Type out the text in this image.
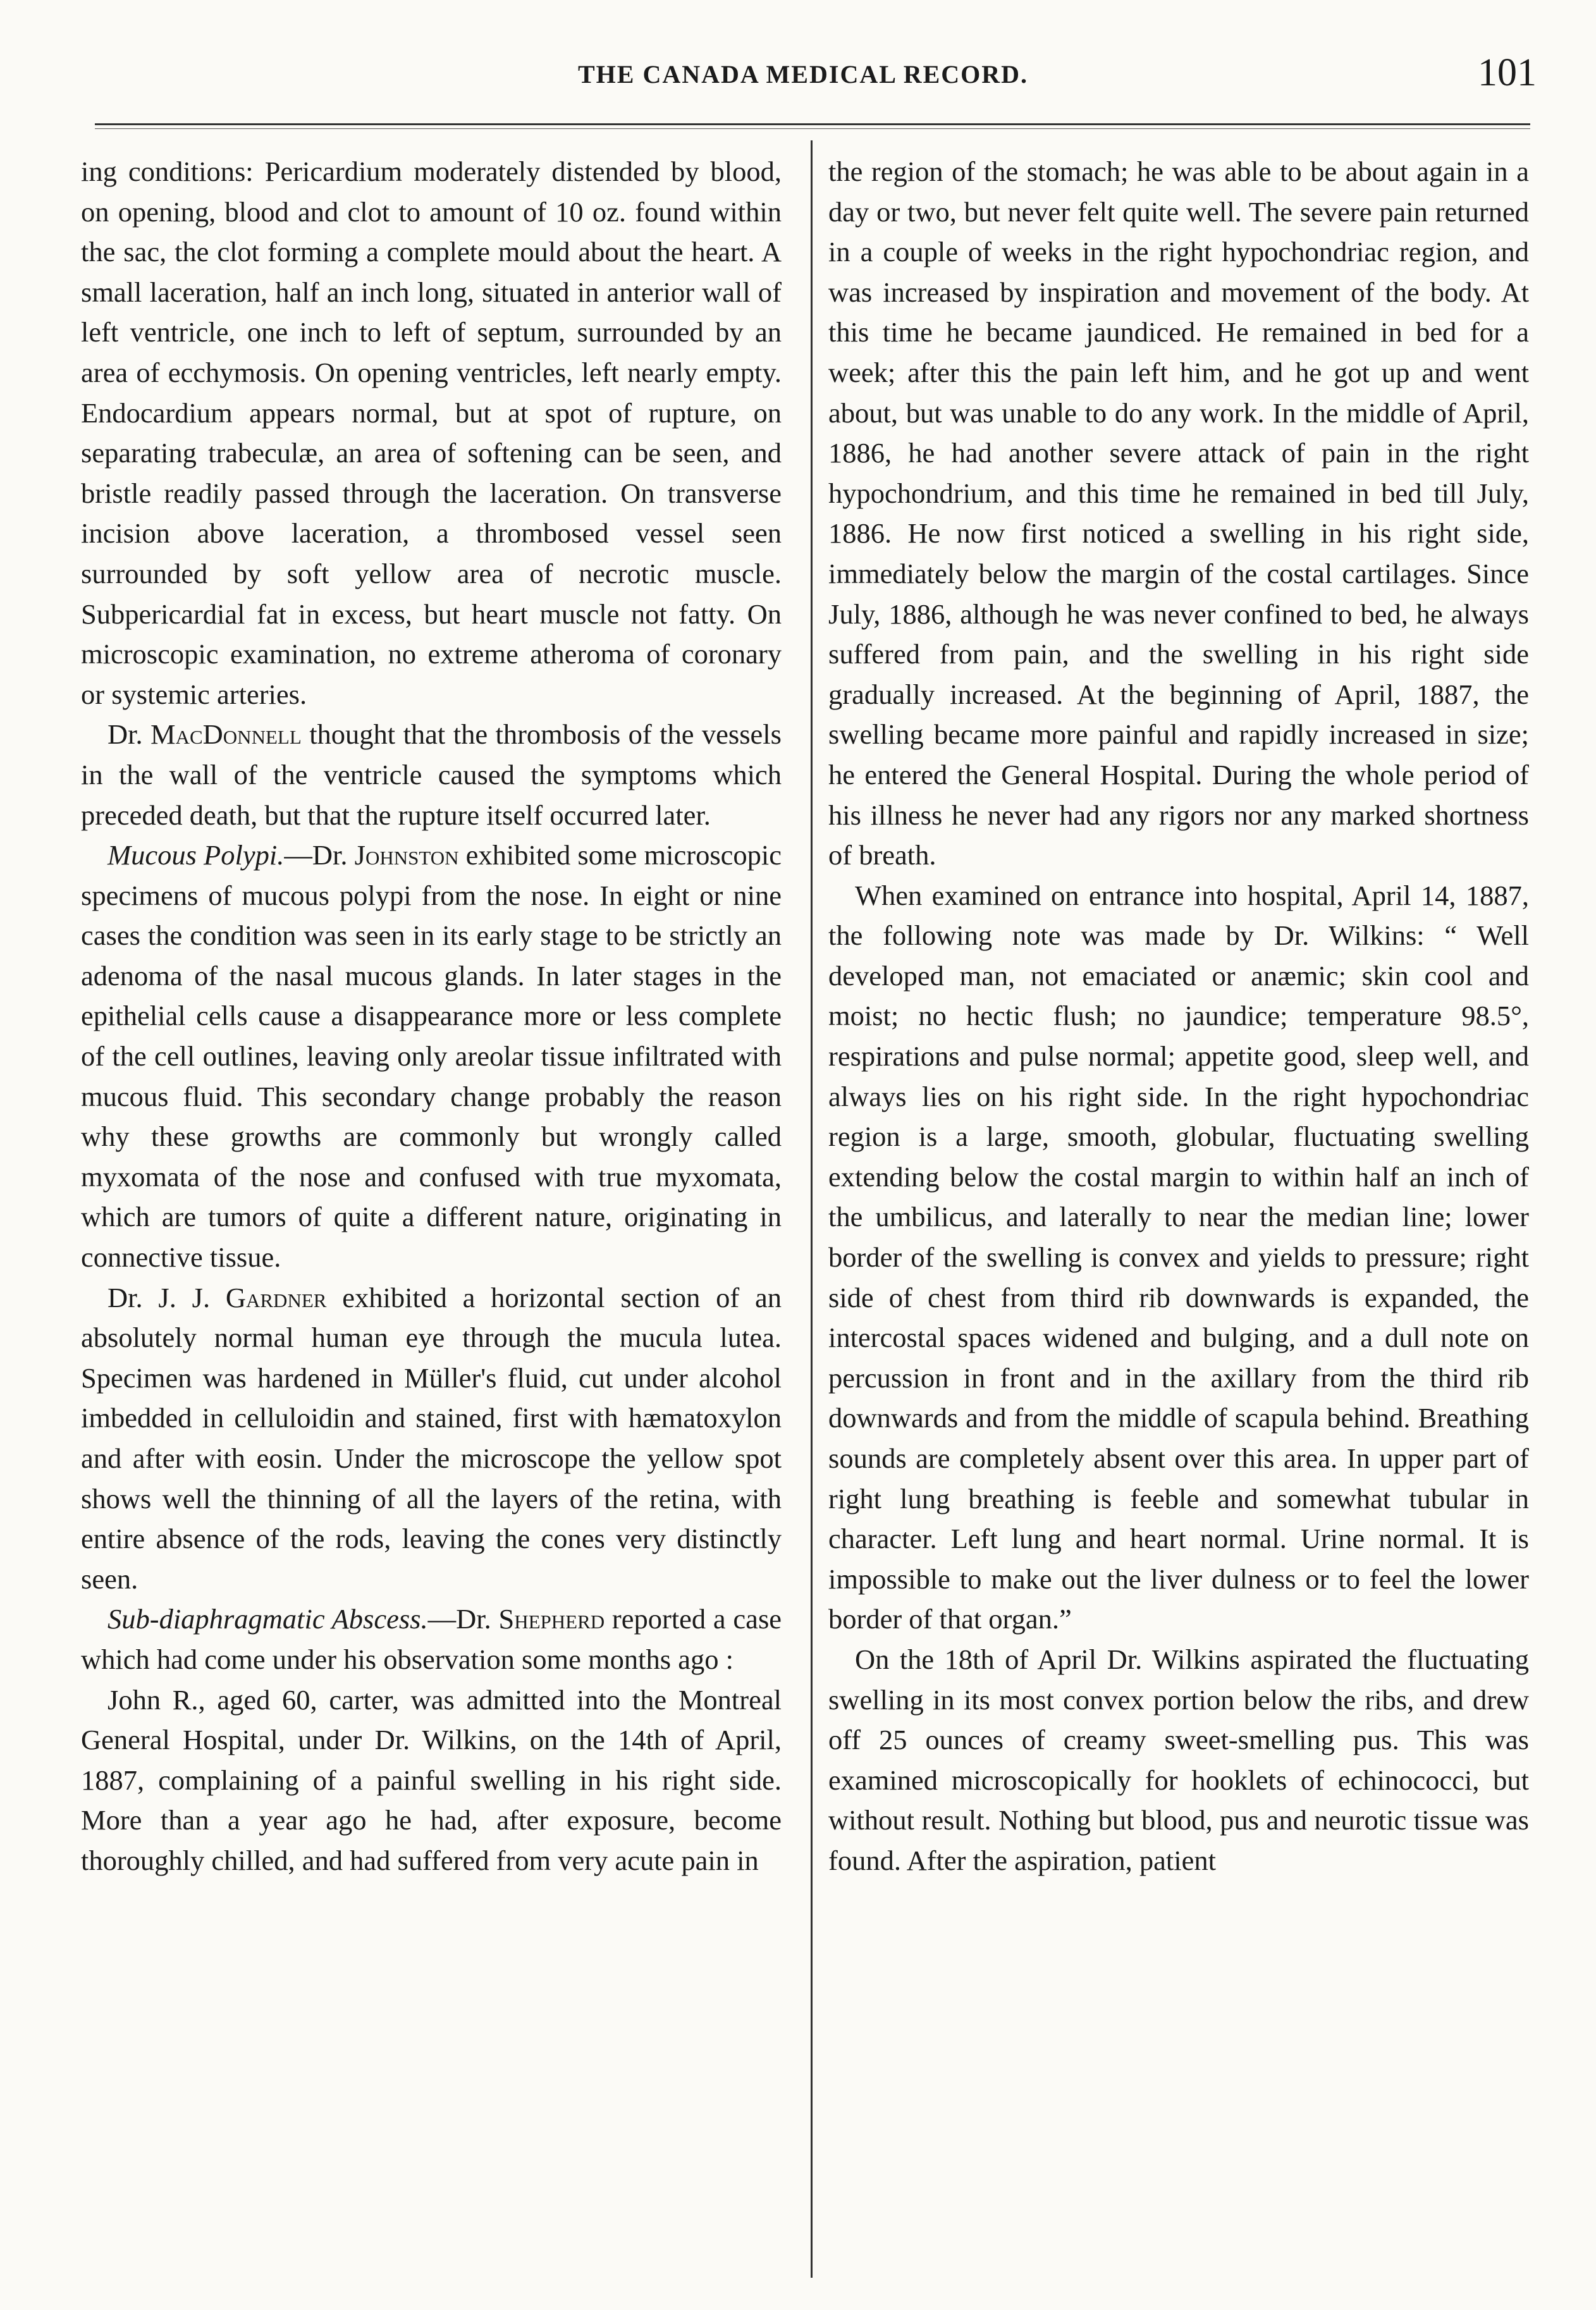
THE CANADA MEDICAL RECORD.	101

ing conditions: Pericardium moderately distended by blood, on opening, blood and clot to amount of 10 oz. found within the sac, the clot forming a complete mould about the heart. A small laceration, half an inch long, situated in anterior wall of left ventricle, one inch to left of septum, surrounded by an area of ecchymosis. On opening ventricles, left nearly empty. Endocardium appears normal, but at spot of rupture, on separating trabeculæ, an area of softening can be seen, and bristle readily passed through the laceration. On transverse incision above laceration, a thrombosed vessel seen surrounded by soft yellow area of necrotic muscle. Subpericardial fat in excess, but heart muscle not fatty. On microscopic examination, no extreme atheroma of coronary or systemic arteries.

Dr. MacDonnell thought that the thrombosis of the vessels in the wall of the ventricle caused the symptoms which preceded death, but that the rupture itself occurred later.

Mucous Polypi.—Dr. Johnston exhibited some microscopic specimens of mucous polypi from the nose. In eight or nine cases the condition was seen in its early stage to be strictly an adenoma of the nasal mucous glands. In later stages in the epithelial cells cause a disappearance more or less complete of the cell outlines, leaving only areolar tissue infiltrated with mucous fluid. This secondary change probably the reason why these growths are commonly but wrongly called myxomata of the nose and confused with true myxomata, which are tumors of quite a different nature, originating in connective tissue.

Dr. J. J. Gardner exhibited a horizontal section of an absolutely normal human eye through the mucula lutea. Specimen was hardened in Müller's fluid, cut under alcohol imbedded in celluloidin and stained, first with hæmatoxylon and after with eosin. Under the microscope the yellow spot shows well the thinning of all the layers of the retina, with entire absence of the rods, leaving the cones very distinctly seen.

Sub-diaphragmatic Abscess.—Dr. Shepherd reported a case which had come under his observation some months ago :

John R., aged 60, carter, was admitted into the Montreal General Hospital, under Dr. Wilkins, on the 14th of April, 1887, complaining of a painful swelling in his right side. More than a year ago he had, after exposure, become thoroughly chilled, and had suffered from very acute pain in

the region of the stomach; he was able to be about again in a day or two, but never felt quite well. The severe pain returned in a couple of weeks in the right hypochondriac region, and was increased by inspiration and movement of the body. At this time he became jaundiced. He remained in bed for a week; after this the pain left him, and he got up and went about, but was unable to do any work. In the middle of April, 1886, he had another severe attack of pain in the right hypochondrium, and this time he remained in bed till July, 1886. He now first noticed a swelling in his right side, immediately below the margin of the costal cartilages. Since July, 1886, although he was never confined to bed, he always suffered from pain, and the swelling in his right side gradually increased. At the beginning of April, 1887, the swelling became more painful and rapidly increased in size; he entered the General Hospital. During the whole period of his illness he never had any rigors nor any marked shortness of breath.

When examined on entrance into hospital, April 14, 1887, the following note was made by Dr. Wilkins: “ Well developed man, not emaciated or anæmic; skin cool and moist; no hectic flush; no jaundice; temperature 98.5°, respirations and pulse normal; appetite good, sleep well, and always lies on his right side. In the right hypochondriac region is a large, smooth, globular, fluctuating swelling extending below the costal margin to within half an inch of the umbilicus, and laterally to near the median line; lower border of the swelling is convex and yields to pressure; right side of chest from third rib downwards is expanded, the intercostal spaces widened and bulging, and a dull note on percussion in front and in the axillary from the third rib downwards and from the middle of scapula behind. Breathing sounds are completely absent over this area. In upper part of right lung breathing is feeble and somewhat tubular in character. Left lung and heart normal. Urine normal. It is impossible to make out the liver dulness or to feel the lower border of that organ.”

On the 18th of April Dr. Wilkins aspirated the fluctuating swelling in its most convex portion below the ribs, and drew off 25 ounces of creamy sweet-smelling pus. This was examined microscopically for hooklets of echinococci, but without result. Nothing but blood, pus and neurotic tissue was found. After the aspiration, patient
